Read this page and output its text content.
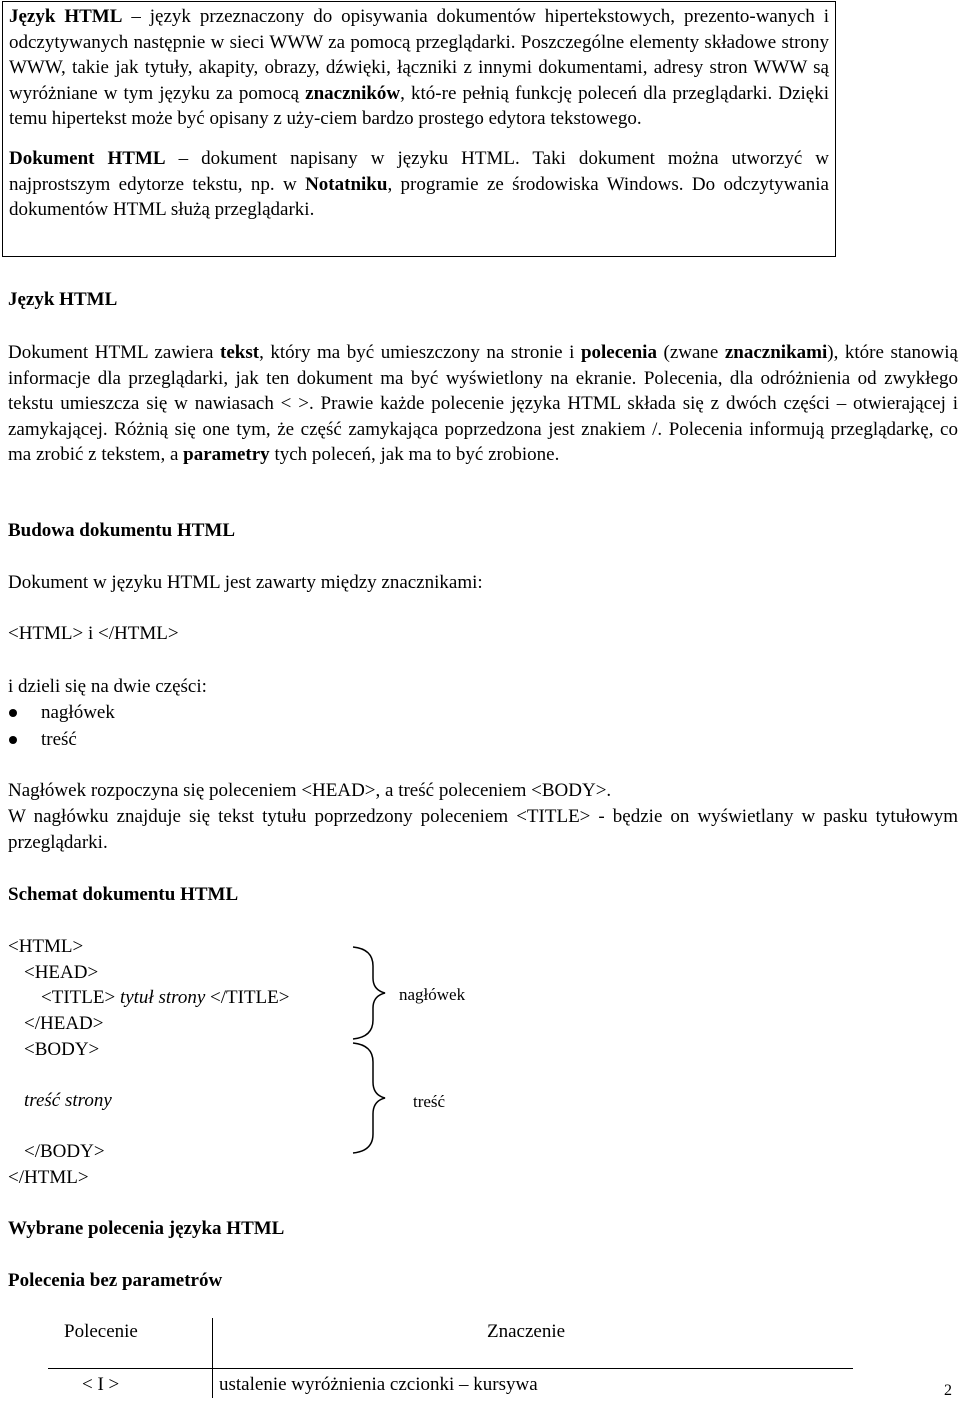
Język HTML – język przeznaczony do opisywania dokumentów hipertekstowych, prezento-wanych i odczytywanych następnie w sieci WWW za pomocą przeglądarki. Poszczególne elementy składowe strony WWW, takie jak tytuły, akapity, obrazy, dźwięki, łączniki z innymi dokumentami, adresy stron WWW są wyróżniane w tym języku za pomocą znaczników, któ-re pełnią funkcję poleceń dla przeglądarki. Dzięki temu hipertekst może być opisany z uży-ciem bardzo prostego edytora tekstowego.

Dokument HTML – dokument napisany w języku HTML. Taki dokument można utworzyć w najprostszym edytorze tekstu, np. w Notatniku, programie ze środowiska Windows. Do odczytywania dokumentów HTML służą przeglądarki.

Język HTML

Dokument HTML zawiera tekst, który ma być umieszczony na stronie i polecenia (zwane znacznikami), które stanowią informacje dla przeglądarki, jak ten dokument ma być wyświetlony na ekranie. Polecenia, dla odróżnienia od zwykłego tekstu umieszcza się w nawiasach < >. Prawie każde polecenie języka HTML składa się z dwóch części – otwierającej i zamykającej. Różnią się one tym, że część zamykająca poprzedzona jest znakiem /. Polecenia informują przeglądarkę, co ma zrobić z tekstem, a parametry tych poleceń, jak ma to być zrobione.

Budowa dokumentu HTML

Dokument w języku HTML jest zawarty między znacznikami:

<HTML> i </HTML>

i dzieli się na dwie części:

nagłówek
treść

Nagłówek rozpoczyna się poleceniem <HEAD>, a treść poleceniem <BODY>.

W nagłówku znajduje się tekst tytułu poprzedzony poleceniem <TITLE> - będzie on wyświetlany w pasku tytułowym przeglądarki.

Schemat dokumentu HTML
<HTML>
<HEAD>
<TITLE> tytuł strony </TITLE>
</HEAD>
<BODY>
treść strony
</BODY>
</HTML>
nagłówek
treść
Wybrane polecenia języka HTML
Polecenia bez parametrów
Polecenie	Znaczenie
< I >	ustalenie wyróżnienia czcionki – kursywa	2
